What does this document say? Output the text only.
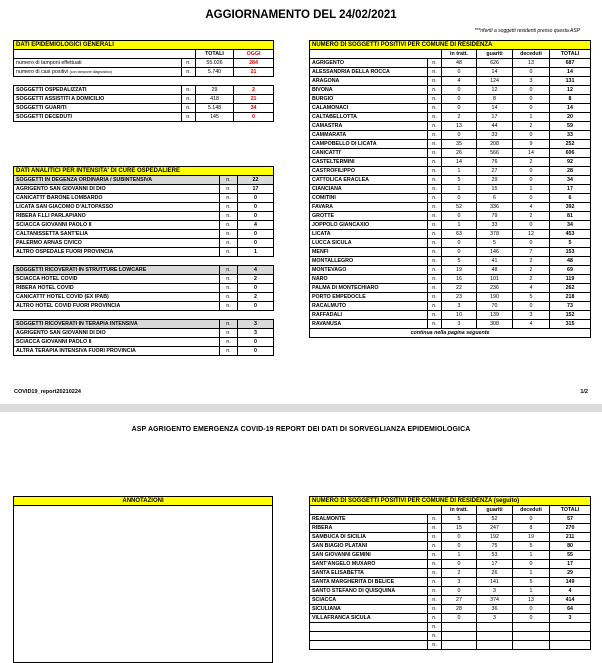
AGGIORNAMENTO DEL 24/02/2021
***riferiti a soggetti residenti presso questa ASP
DATI EPIDEMIOLOGICI GENERALI			
		TOTALI	OGGI
numero di tamponi effettuati	n.	55.026	284
numero di casi positivi (con tampone diagnostico)	n.	5.740	21

SOGGETTI OSPEDALIZZATI	n.	29	2
SOGGETTI ASSISTITI A DOMICILIO	n.	418	21
SOGGETTI GUARITI	n.	5.148	34
SOGGETTI DECEDUTI	n.	145	0
DATI ANALITICI PER INTENSITA' DI CURE OSPEDALIERE		
SOGGETTI IN DEGENZA ORDINARIA / SUBINTENSIVA	n.	22
AGRIGENTO SAN GIOVANNI DI DIO	n.	17
CANICATTI' BARONE LOMBARDO	n.	0
LICATA SAN GIACOMO D'ALTOPASSO	n.	0
RIBERA F.LLI PARLAPIANO	n.	0
SCIACCA GIOVANNI PAOLO II	n.	4
CALTANISSETTA SANT'ELIA	n.	0
PALERMO ARNAS CIVICO	n.	0
ALTRO OSPEDALE FUORI PROVINCIA	n.	1

SOGGETTI RICOVERATI IN STRUTTURE LOWCARE	n.	4
SCIACCA HOTEL COVID	n.	2
RIBERA HOTEL COVID	n.	0
CANICATTI' HOTEL COVID (EX IPAB)	n.	2
ALTRO HOTEL COVID FUORI PROVINCIA	n.	0

SOGGETTI RICOVERATI IN TERAPIA INTENSIVA	n.	3
AGRIGENTO SAN GIOVANNI DI DIO	n.	3
SCIACCA GIOVANNI PAOLO II	n.	0
ALTRA TERAPIA INTENSIVA FUORI PROVINCIA	n.	0
NUMERO DI SOGGETTI POSITIVI PER COMUNE DI RESIDENZA					
		in tratt.	guariti	deceduti	TOTALI
AGRIGENTO	n.	48	626	13	687
ALESSANDRIA DELLA ROCCA	n.	0	14	0	14
ARAGONA	n.	4	124	3	131
BIVONA	n.	0	12	0	12
BURGIO	n.	0	8	0	8
CALAMONACI	n.	0	14	0	14
CALTABELLOTTA	n.	2	17	1	20
CAMASTRA	n.	13	44	2	59
CAMMARATA	n.	0	33	0	33
CAMPOBELLO DI LICATA	n.	35	208	9	252
CANICATTI'	n.	26	566	14	606
CASTELTERMINI	n.	14	76	2	92
CASTROFILIPPO	n.	1	27	0	28
CATTOLICA ERACLEA	n.	5	29	0	34
CIANCIANA	n.	1	15	1	17
COMITINI	n.	0	6	0	6
FAVARA	n.	52	336	4	392
GROTTE	n.	0	79	2	81
JOPPOLO GIANCAXIO	n.	1	33	0	34
LICATA	n.	63	378	12	453
LUCCA SICULA	n.	0	5	0	5
MENFI	n.	0	146	7	153
MONTALLEGRO	n.	5	41	2	48
MONTEVAGO	n.	19	48	2	69
NARO	n.	16	101	2	119
PALMA DI MONTECHIARO	n.	22	236	4	262
PORTO EMPEDOCLE	n.	23	190	5	218
RACALMUTO	n.	3	70	0	73
RAFFADALI	n.	10	139	3	152
RAVANUSA	n.	3	308	4	315
continua nella pagina seguente					
COVID19_report20210224	1/2
ASP AGRIGENTO EMERGENZA COVID-19 REPORT DEI DATI DI SORVEGLIANZA EPIDEMIOLOGICA
ANNOTAZIONI	NUMERO DI SOGGETTI POSITIVI PER COMUNE DI RESIDENZA (seguito)					
		in tratt.	guariti	deceduti	TOTALI
REALMONTE	n.	5	52	0	57
RIBERA	n.	15	247	8	270
SAMBUCA DI SICILIA	n.	0	192	19	211
SAN BIAGIO PLATANI	n.	0	75	5	80
SAN GIOVANNI GEMINI	n.	1	53	1	55
SANT'ANGELO MUXARO	n.	0	17	0	17
SANTA ELISABETTA	n.	2	26	1	29
SANTA MARGHERITA DI BELICE	n.	3	141	5	149
SANTO STEFANO DI QUISQUINA	n.	0	3	1	4
SCIACCA	n.	27	374	13	414
SICULIANA	n.	28	36	0	64
VILLAFRANCA SICULA	n.	0	3	0	3
	n.				
	n.				
	n.				
